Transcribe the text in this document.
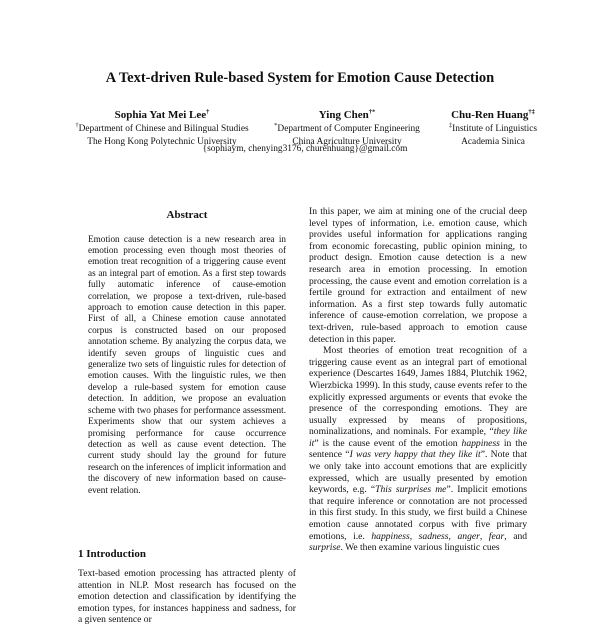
A Text-driven Rule-based System for Emotion Cause Detection
Sophia Yat Mei Lee†
†Department of Chinese and Bilingual Studies
The Hong Kong Polytechnic University
Ying Chen†*
*Department of Computer Engineering
China Agriculture University
Chu-Ren Huang†‡
‡Institute of Linguistics
Academia Sinica
{sophiaym, chenying3176, churenhuang}@gmail.com
Abstract

Emotion cause detection is a new research area in emotion processing even though most theories of emotion treat recognition of a triggering cause event as an integral part of emotion. As a first step towards fully automatic inference of cause-emotion correlation, we propose a text-driven, rule-based approach to emotion cause detection in this paper. First of all, a Chinese emotion cause annotated corpus is constructed based on our proposed annotation scheme. By analyzing the corpus data, we identify seven groups of linguistic cues and generalize two sets of linguistic rules for detection of emotion causes. With the linguistic rules, we then develop a rule-based system for emotion cause detection. In addition, we propose an evaluation scheme with two phases for performance assessment. Experiments show that our system achieves a promising performance for cause occurrence detection as well as cause event detection. The current study should lay the ground for future research on the inferences of implicit information and the discovery of new information based on cause-event relation.

1 Introduction

Text-based emotion processing has attracted plenty of attention in NLP. Most research has focused on the emotion detection and classification by identifying the emotion types, for instances happiness and sadness, for a given sentence or

In this paper, we aim at mining one of the crucial deep level types of information, i.e. emotion cause, which provides useful information for applications ranging from economic forecasting, public opinion mining, to product design. Emotion cause detection is a new research area in emotion processing. In emotion processing, the cause event and emotion correlation is a fertile ground for extraction and entailment of new information. As a first step towards fully automatic inference of cause-emotion correlation, we propose a text-driven, rule-based approach to emotion cause detection in this paper.

Most theories of emotion treat recognition of a triggering cause event as an integral part of emotional experience (Descartes 1649, James 1884, Plutchik 1962, Wierzbicka 1999). In this study, cause events refer to the explicitly expressed arguments or events that evoke the presence of the corresponding emotions. They are usually expressed by means of propositions, nominalizations, and nominals. For example, “they like it” is the cause event of the emotion happiness in the sentence “I was very happy that they like it”. Note that we only take into account emotions that are explicitly expressed, which are usually presented by emotion keywords, e.g. “This surprises me”. Implicit emotions that require inference or connotation are not processed in this first study. In this study, we first build a Chinese emotion cause annotated corpus with five primary emotions, i.e. happiness, sadness, anger, fear, and surprise. We then examine various linguistic cues
